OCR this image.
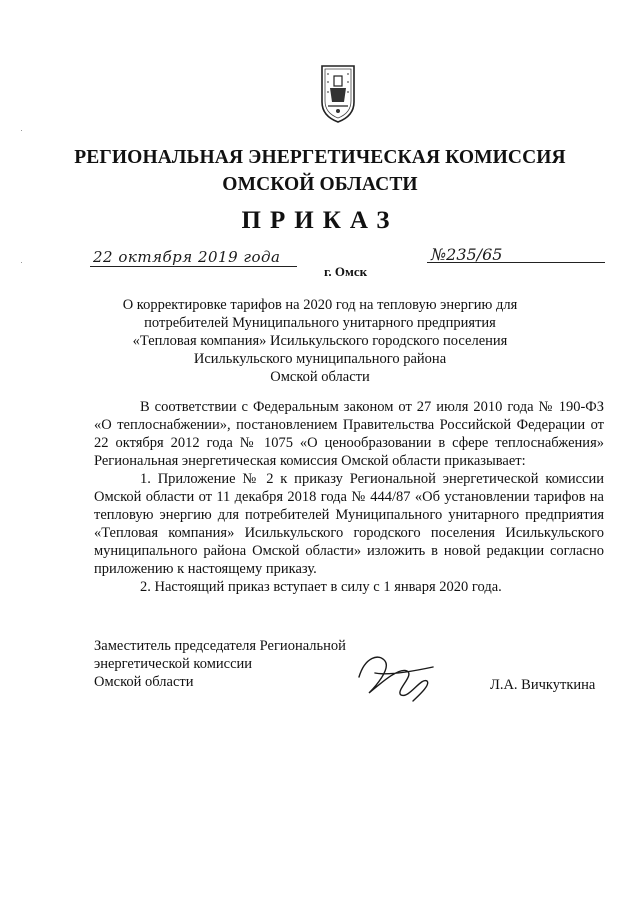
РЕГИОНАЛЬНАЯ ЭНЕРГЕТИЧЕСКАЯ КОМИССИЯ
ОМСКОЙ ОБЛАСТИ
ПРИКАЗ
22 октября 2019 года
г. Омск
№235/65
О корректировке тарифов на 2020 год на тепловую энергию для
потребителей Муниципального унитарного предприятия
«Тепловая компания» Исилькульского городского поселения
Исилькульского муниципального района
Омской области

В соответствии с Федеральным законом от 27 июля 2010 года № 190-ФЗ «О теплоснабжении», постановлением Правительства Российской Федерации от 22 октября 2012 года № 1075 «О ценообразовании в сфере теплоснабжения» Региональная энергетическая комиссия Омской области приказывает:

1. Приложение № 2 к приказу Региональной энергетической комиссии Омской области от 11 декабря 2018 года № 444/87 «Об установлении тарифов на тепловую энергию для потребителей Муниципального унитарного предприятия «Тепловая компания» Исилькульского городского поселения Исилькульского муниципального района Омской области» изложить в новой редакции согласно приложению к настоящему приказу.

2. Настоящий приказ вступает в силу с 1 января 2020 года.

Заместитель председателя Региональной
энергетической комиссии
Омской области	Л.А. Вичкуткина
